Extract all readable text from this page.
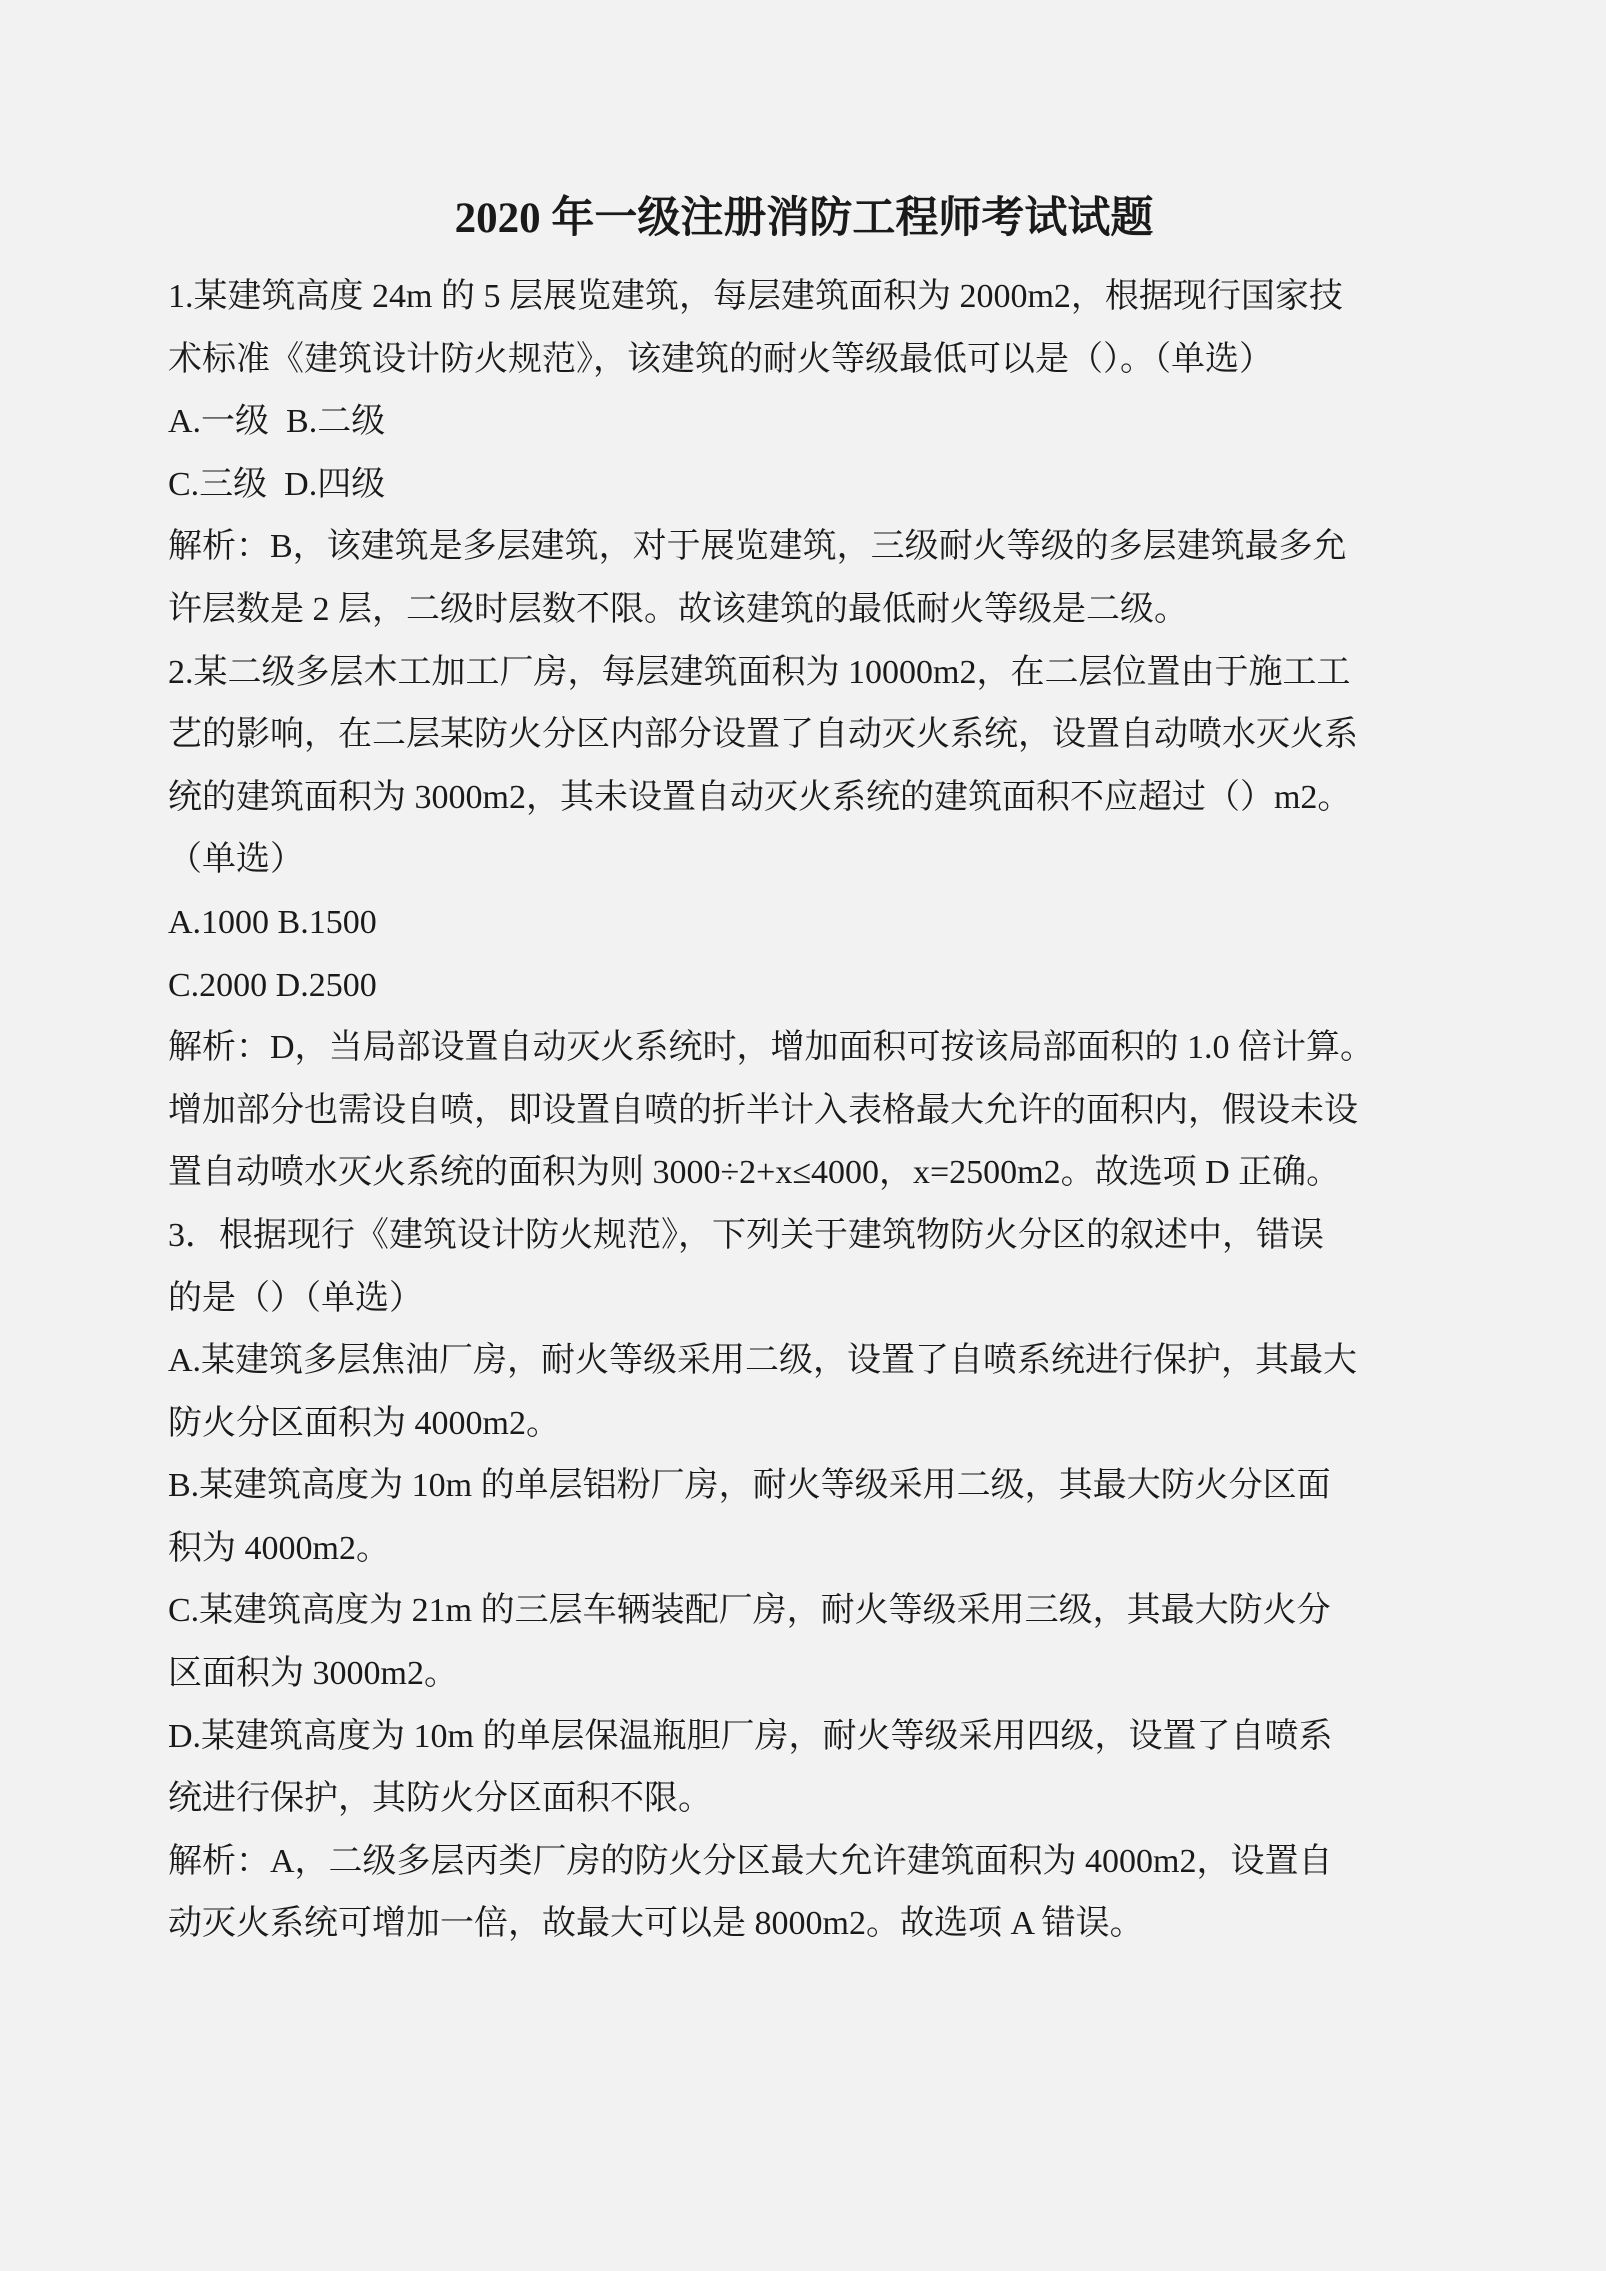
2020 年一级注册消防工程师考试试题

1.某建筑高度 24m 的 5 层展览建筑，每层建筑面积为 2000m2，根据现行国家技

术标准《建筑设计防火规范》，该建筑的耐火等级最低可以是（）。（单选）

A.一级  B.二级

C.三级  D.四级

解析：B，该建筑是多层建筑，对于展览建筑，三级耐火等级的多层建筑最多允

许层数是 2 层，二级时层数不限。故该建筑的最低耐火等级是二级。

2.某二级多层木工加工厂房，每层建筑面积为 10000m2，在二层位置由于施工工

艺的影响，在二层某防火分区内部分设置了自动灭火系统，设置自动喷水灭火系

统的建筑面积为 3000m2，其未设置自动灭火系统的建筑面积不应超过（）m2。

（单选）

A.1000 B.1500

C.2000 D.2500

解析：D，当局部设置自动灭火系统时，增加面积可按该局部面积的 1.0 倍计算。

增加部分也需设自喷，即设置自喷的折半计入表格最大允许的面积内，假设未设

置自动喷水灭火系统的面积为则 3000÷2+x≤4000，x=2500m2。故选项 D 正确。

3．根据现行《建筑设计防火规范》，下列关于建筑物防火分区的叙述中，错误

的是（）（单选）

A.某建筑多层焦油厂房，耐火等级采用二级，设置了自喷系统进行保护，其最大

防火分区面积为 4000m2。

B.某建筑高度为 10m 的单层铝粉厂房，耐火等级采用二级，其最大防火分区面

积为 4000m2。

C.某建筑高度为 21m 的三层车辆装配厂房，耐火等级采用三级，其最大防火分

区面积为 3000m2。

D.某建筑高度为 10m 的单层保温瓶胆厂房，耐火等级采用四级，设置了自喷系

统进行保护，其防火分区面积不限。

解析：A，二级多层丙类厂房的防火分区最大允许建筑面积为 4000m2，设置自

动灭火系统可增加一倍，故最大可以是 8000m2。故选项 A 错误。
